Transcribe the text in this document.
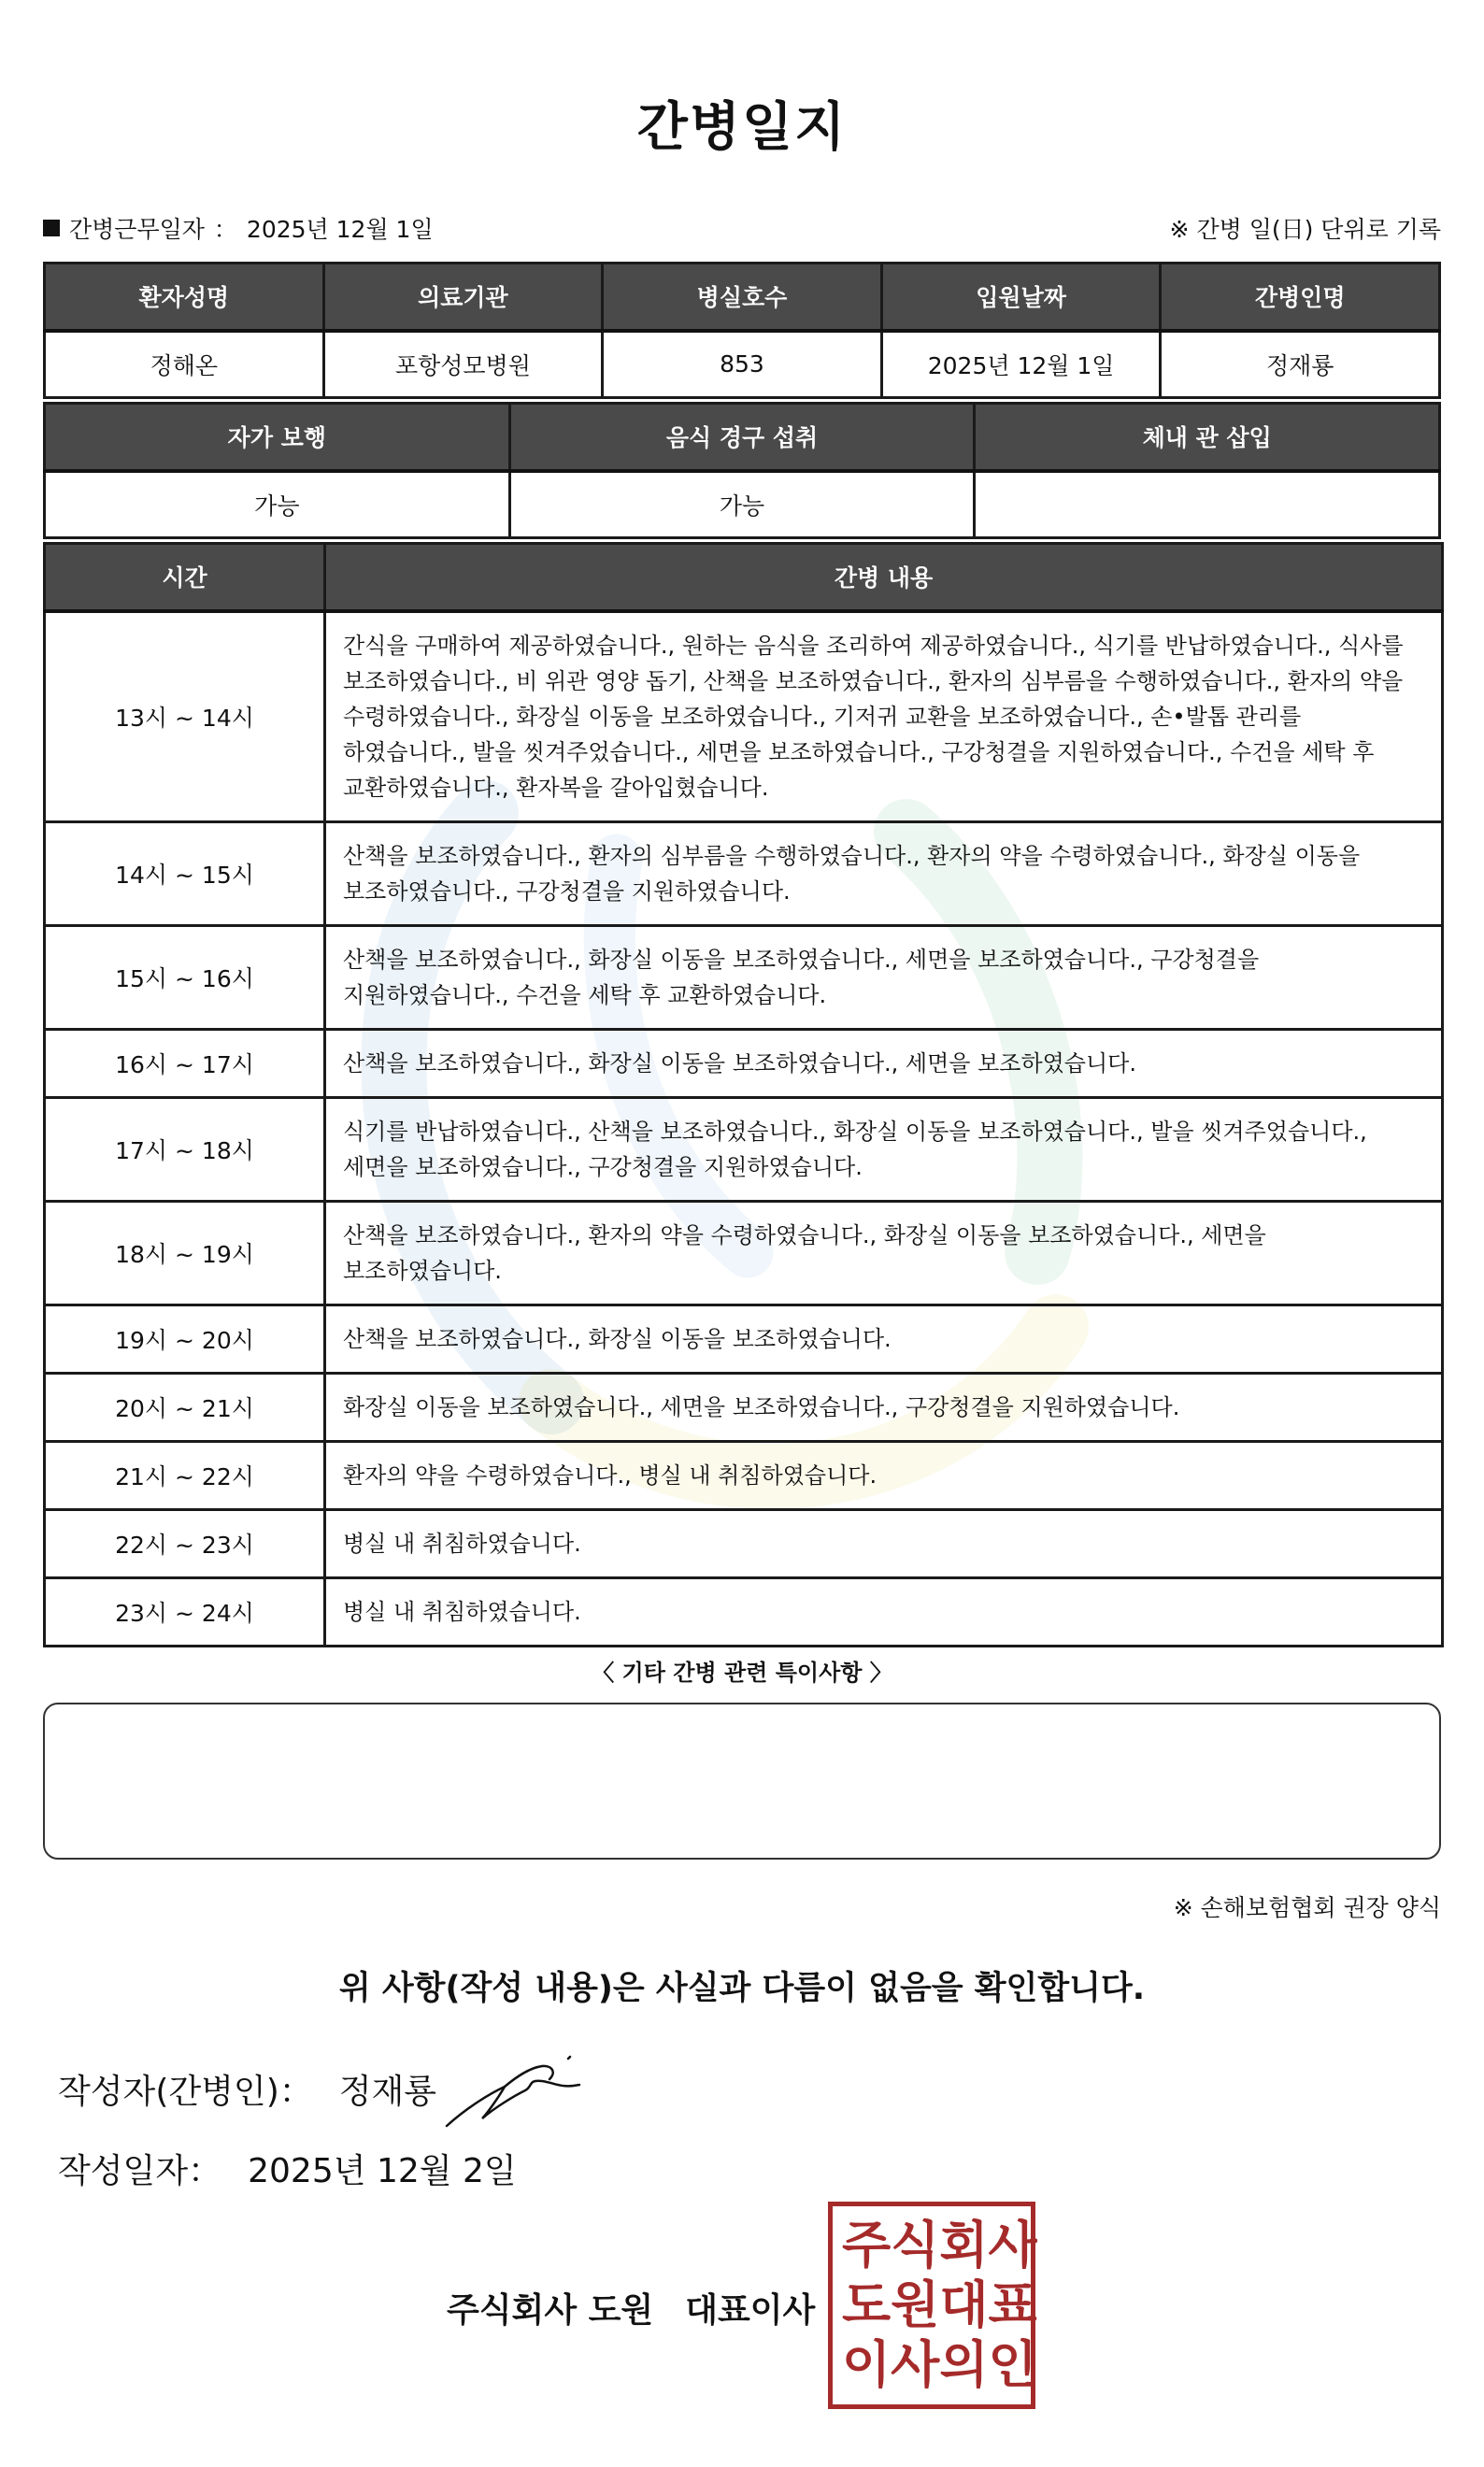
간병일지
간병근무일자 ： 2025년 12월 1일	※ 간병 일(日) 단위로 기록
환자성명	의료기관	병실호수	입원날짜	간병인명
정해온	포항성모병원	853	2025년 12월 1일	정재룡
자가 보행	음식 경구 섭취	체내 관 삽입
가능	가능	
시간	간병 내용
13시 ~ 14시	간식을 구매하여 제공하였습니다., 원하는 음식을 조리하여 제공하였습니다., 식기를 반납하였습니다., 식사를 보조하였습니다., 비 위관 영양 돕기, 산책을 보조하였습니다., 환자의 심부름을 수행하였습니다., 환자의 약을 수령하였습니다., 화장실 이동을 보조하였습니다., 기저귀 교환을 보조하였습니다., 손•발톱 관리를 하였습니다., 발을 씻겨주었습니다., 세면을 보조하였습니다., 구강청결을 지원하였습니다., 수건을 세탁 후 교환하였습니다., 환자복을 갈아입혔습니다.
14시 ~ 15시	산책을 보조하였습니다., 환자의 심부름을 수행하였습니다., 환자의 약을 수령하였습니다., 화장실 이동을 보조하였습니다., 구강청결을 지원하였습니다.
15시 ~ 16시	산책을 보조하였습니다., 화장실 이동을 보조하였습니다., 세면을 보조하였습니다., 구강청결을 지원하였습니다., 수건을 세탁 후 교환하였습니다.
16시 ~ 17시	산책을 보조하였습니다., 화장실 이동을 보조하였습니다., 세면을 보조하였습니다.
17시 ~ 18시	식기를 반납하였습니다., 산책을 보조하였습니다., 화장실 이동을 보조하였습니다., 발을 씻겨주었습니다., 세면을 보조하였습니다., 구강청결을 지원하였습니다.
18시 ~ 19시	산책을 보조하였습니다., 환자의 약을 수령하였습니다., 화장실 이동을 보조하였습니다., 세면을 보조하였습니다.
19시 ~ 20시	산책을 보조하였습니다., 화장실 이동을 보조하였습니다.
20시 ~ 21시	화장실 이동을 보조하였습니다., 세면을 보조하였습니다., 구강청결을 지원하였습니다.
21시 ~ 22시	환자의 약을 수령하였습니다., 병실 내 취침하였습니다.
22시 ~ 23시	병실 내 취침하였습니다.
23시 ~ 24시	병실 내 취침하였습니다.
〈 기타 간병 관련 특이사항 〉
※ 손해보험협회 권장 양식
위 사항(작성 내용)은 사실과 다름이 없음을 확인합니다.
작성자(간병인)： 정재룡
작성일자： 2025년 12월 2일
주식회사 도원 대표이사
주 식 회 사
도 원 대 표
이 사 의 인
